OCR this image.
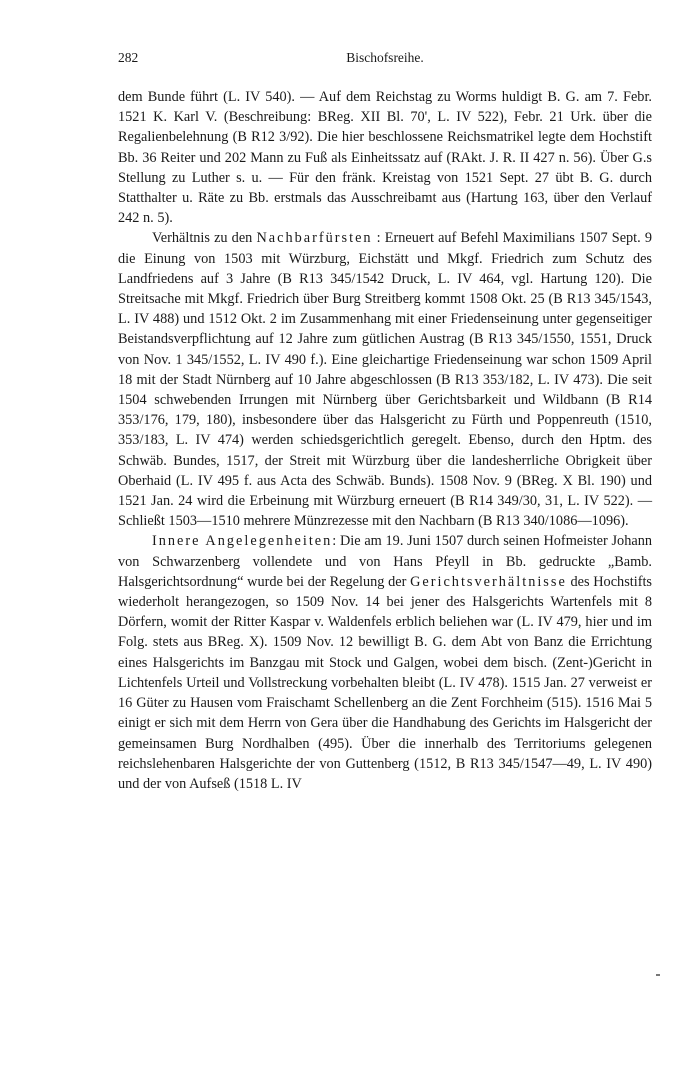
282	Bischofsreihe.

dem Bunde führt (L. IV 540). — Auf dem Reichstag zu Worms huldigt B. G. am 7. Febr. 1521 K. Karl V. (Beschreibung: BReg. XII Bl. 70', L. IV 522), Febr. 21 Urk. über die Regalienbelehnung (B R12 3/92). Die hier beschlossene Reichsmatrikel legte dem Hochstift Bb. 36 Reiter und 202 Mann zu Fuß als Einheitssatz auf (RAkt. J. R. II 427 n. 56). Über G.s Stellung zu Luther s. u. — Für den fränk. Kreistag von 1521 Sept. 27 übt B. G. durch Statthalter u. Räte zu Bb. erstmals das Ausschreibamt aus (Hartung 163, über den Verlauf 242 n. 5).

Verhältnis zu den Nachbarfürsten : Erneuert auf Befehl Maximilians 1507 Sept. 9 die Einung von 1503 mit Würzburg, Eichstätt und Mkgf. Friedrich zum Schutz des Landfriedens auf 3 Jahre (B R13 345/1542 Druck, L. IV 464, vgl. Hartung 120). Die Streitsache mit Mkgf. Friedrich über Burg Streitberg kommt 1508 Okt. 25 (B R13 345/1543, L. IV 488) und 1512 Okt. 2 im Zusammenhang mit einer Friedenseinung unter gegenseitiger Beistandsverpflichtung auf 12 Jahre zum gütlichen Austrag (B R13 345/1550, 1551, Druck von Nov. 1 345/1552, L. IV 490 f.). Eine gleichartige Friedenseinung war schon 1509 April 18 mit der Stadt Nürnberg auf 10 Jahre abgeschlossen (B R13 353/182, L. IV 473). Die seit 1504 schwebenden Irrungen mit Nürnberg über Gerichtsbarkeit und Wildbann (B R14 353/176, 179, 180), insbesondere über das Halsgericht zu Fürth und Poppenreuth (1510, 353/183, L. IV 474) werden schiedsgerichtlich geregelt. Ebenso, durch den Hptm. des Schwäb. Bundes, 1517, der Streit mit Würzburg über die landesherrliche Obrigkeit über Oberhaid (L. IV 495 f. aus Acta des Schwäb. Bunds). 1508 Nov. 9 (BReg. X Bl. 190) und 1521 Jan. 24 wird die Erbeinung mit Würzburg erneuert (B R14 349/30, 31, L. IV 522). — Schließt 1503—1510 mehrere Münzrezesse mit den Nachbarn (B R13 340/1086—1096).

Innere Angelegenheiten: Die am 19. Juni 1507 durch seinen Hofmeister Johann von Schwarzenberg vollendete und von Hans Pfeyll in Bb. gedruckte „Bamb. Halsgerichtsordnung“ wurde bei der Regelung der Gerichtsverhältnisse des Hochstifts wiederholt herangezogen, so 1509 Nov. 14 bei jener des Halsgerichts Wartenfels mit 8 Dörfern, womit der Ritter Kaspar v. Waldenfels erblich beliehen war (L. IV 479, hier und im Folg. stets aus BReg. X). 1509 Nov. 12 bewilligt B. G. dem Abt von Banz die Errichtung eines Halsgerichts im Banzgau mit Stock und Galgen, wobei dem bisch. (Zent-)Gericht in Lichtenfels Urteil und Vollstreckung vorbehalten bleibt (L. IV 478). 1515 Jan. 27 verweist er 16 Güter zu Hausen vom Fraischamt Schellenberg an die Zent Forchheim (515). 1516 Mai 5 einigt er sich mit dem Herrn von Gera über die Handhabung des Gerichts im Halsgericht der gemeinsamen Burg Nordhalben (495). Über die innerhalb des Territoriums gelegenen reichslehenbaren Halsgerichte der von Guttenberg (1512, B R13 345/1547—49, L. IV 490) und der von Aufseß (1518 L. IV
